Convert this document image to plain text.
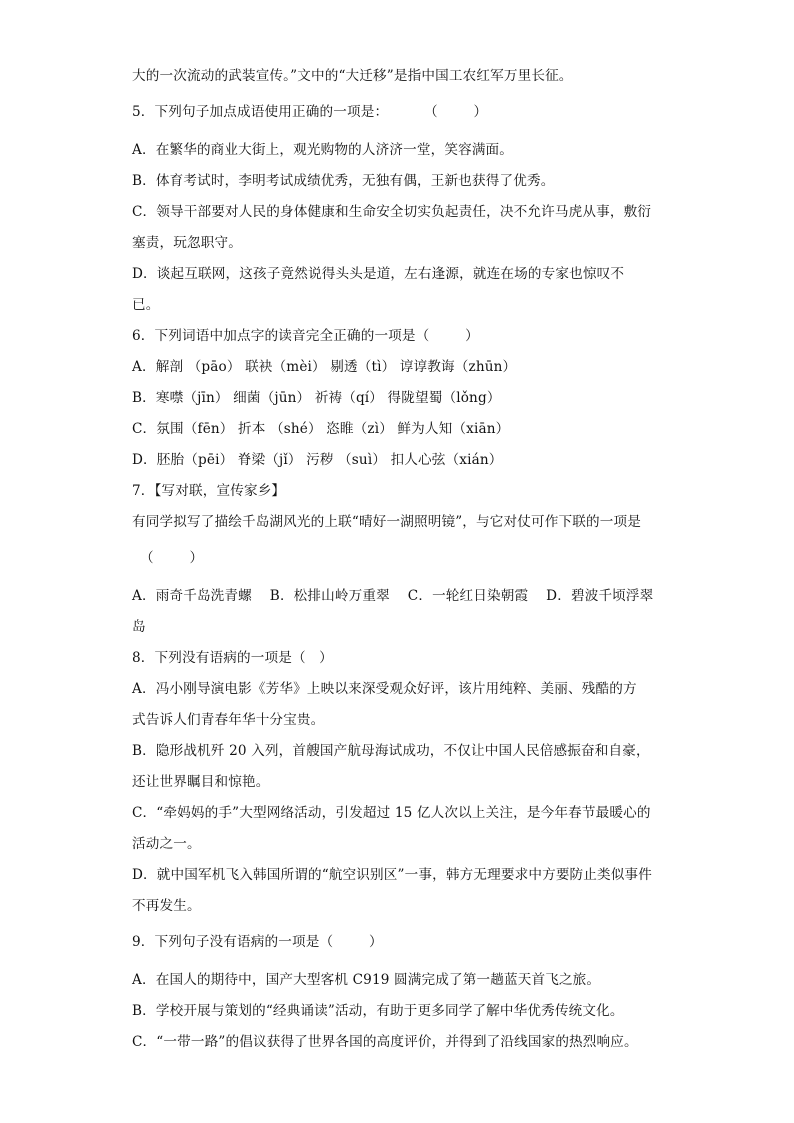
大的一次流动的武装宣传。”文中的“大迁移”是指中国工农红军万里长征。
5．下列句子加点成语使用正确的一项是：        （        ）
A．在繁华的商业大街上，观光购物的人济济一堂，笑容满面。
B．体育考试时，李明考试成绩优秀，无独有偶，王新也获得了优秀。
C．领导干部要对人民的身体健康和生命安全切实负起责任，决不允许马虎从事，敷衍
塞责，玩忽职守。
D．谈起互联网，这孩子竟然说得头头是道，左右逢源，就连在场的专家也惊叹不
已。
6．下列词语中加点字的读音完全正确的一项是（        ）
A．解剖 （pāo） 联袂（mèi） 剔透（tì） 谆谆教诲（zhūn）
B．寒噤（jīn） 细菌（jūn） 祈祷（qí） 得陇望蜀（lǒng）
C．氛围（fēn） 折本 （shé） 恣睢（zì） 鲜为人知（xiān）
D．胚胎（pēi） 脊梁（jǐ） 污秽 （suì） 扣人心弦（xián）
7．【写对联，宣传家乡】
有同学拟写了描绘千岛湖风光的上联“晴好一湖照明镜”，与它对仗可作下联的一项是
（        ）
A．雨奇千岛洗青螺    B．松排山岭万重翠    C．一轮红日染朝霞    D．碧波千顷浮翠
岛
8．下列没有语病的一项是（   ）
A．冯小刚导演电影《芳华》上映以来深受观众好评，该片用纯粹、美丽、残酷的方
式告诉人们青春年华十分宝贵。
B．隐形战机歼 20 入列，首艘国产航母海试成功，不仅让中国人民倍感振奋和自豪，
还让世界瞩目和惊艳。
C．“牵妈妈的手”大型网络活动，引发超过 15 亿人次以上关注，是今年春节最暖心的
活动之一。
D．就中国军机飞入韩国所谓的“航空识别区”一事，韩方无理要求中方要防止类似事件
不再发生。
9．下列句子没有语病的一项是（        ）
A．在国人的期待中，国产大型客机 C919 圆满完成了第一趟蓝天首飞之旅。
B．学校开展与策划的“经典诵读”活动，有助于更多同学了解中华优秀传统文化。
C．“一带一路”的倡议获得了世界各国的高度评价，并得到了沿线国家的热烈响应。
